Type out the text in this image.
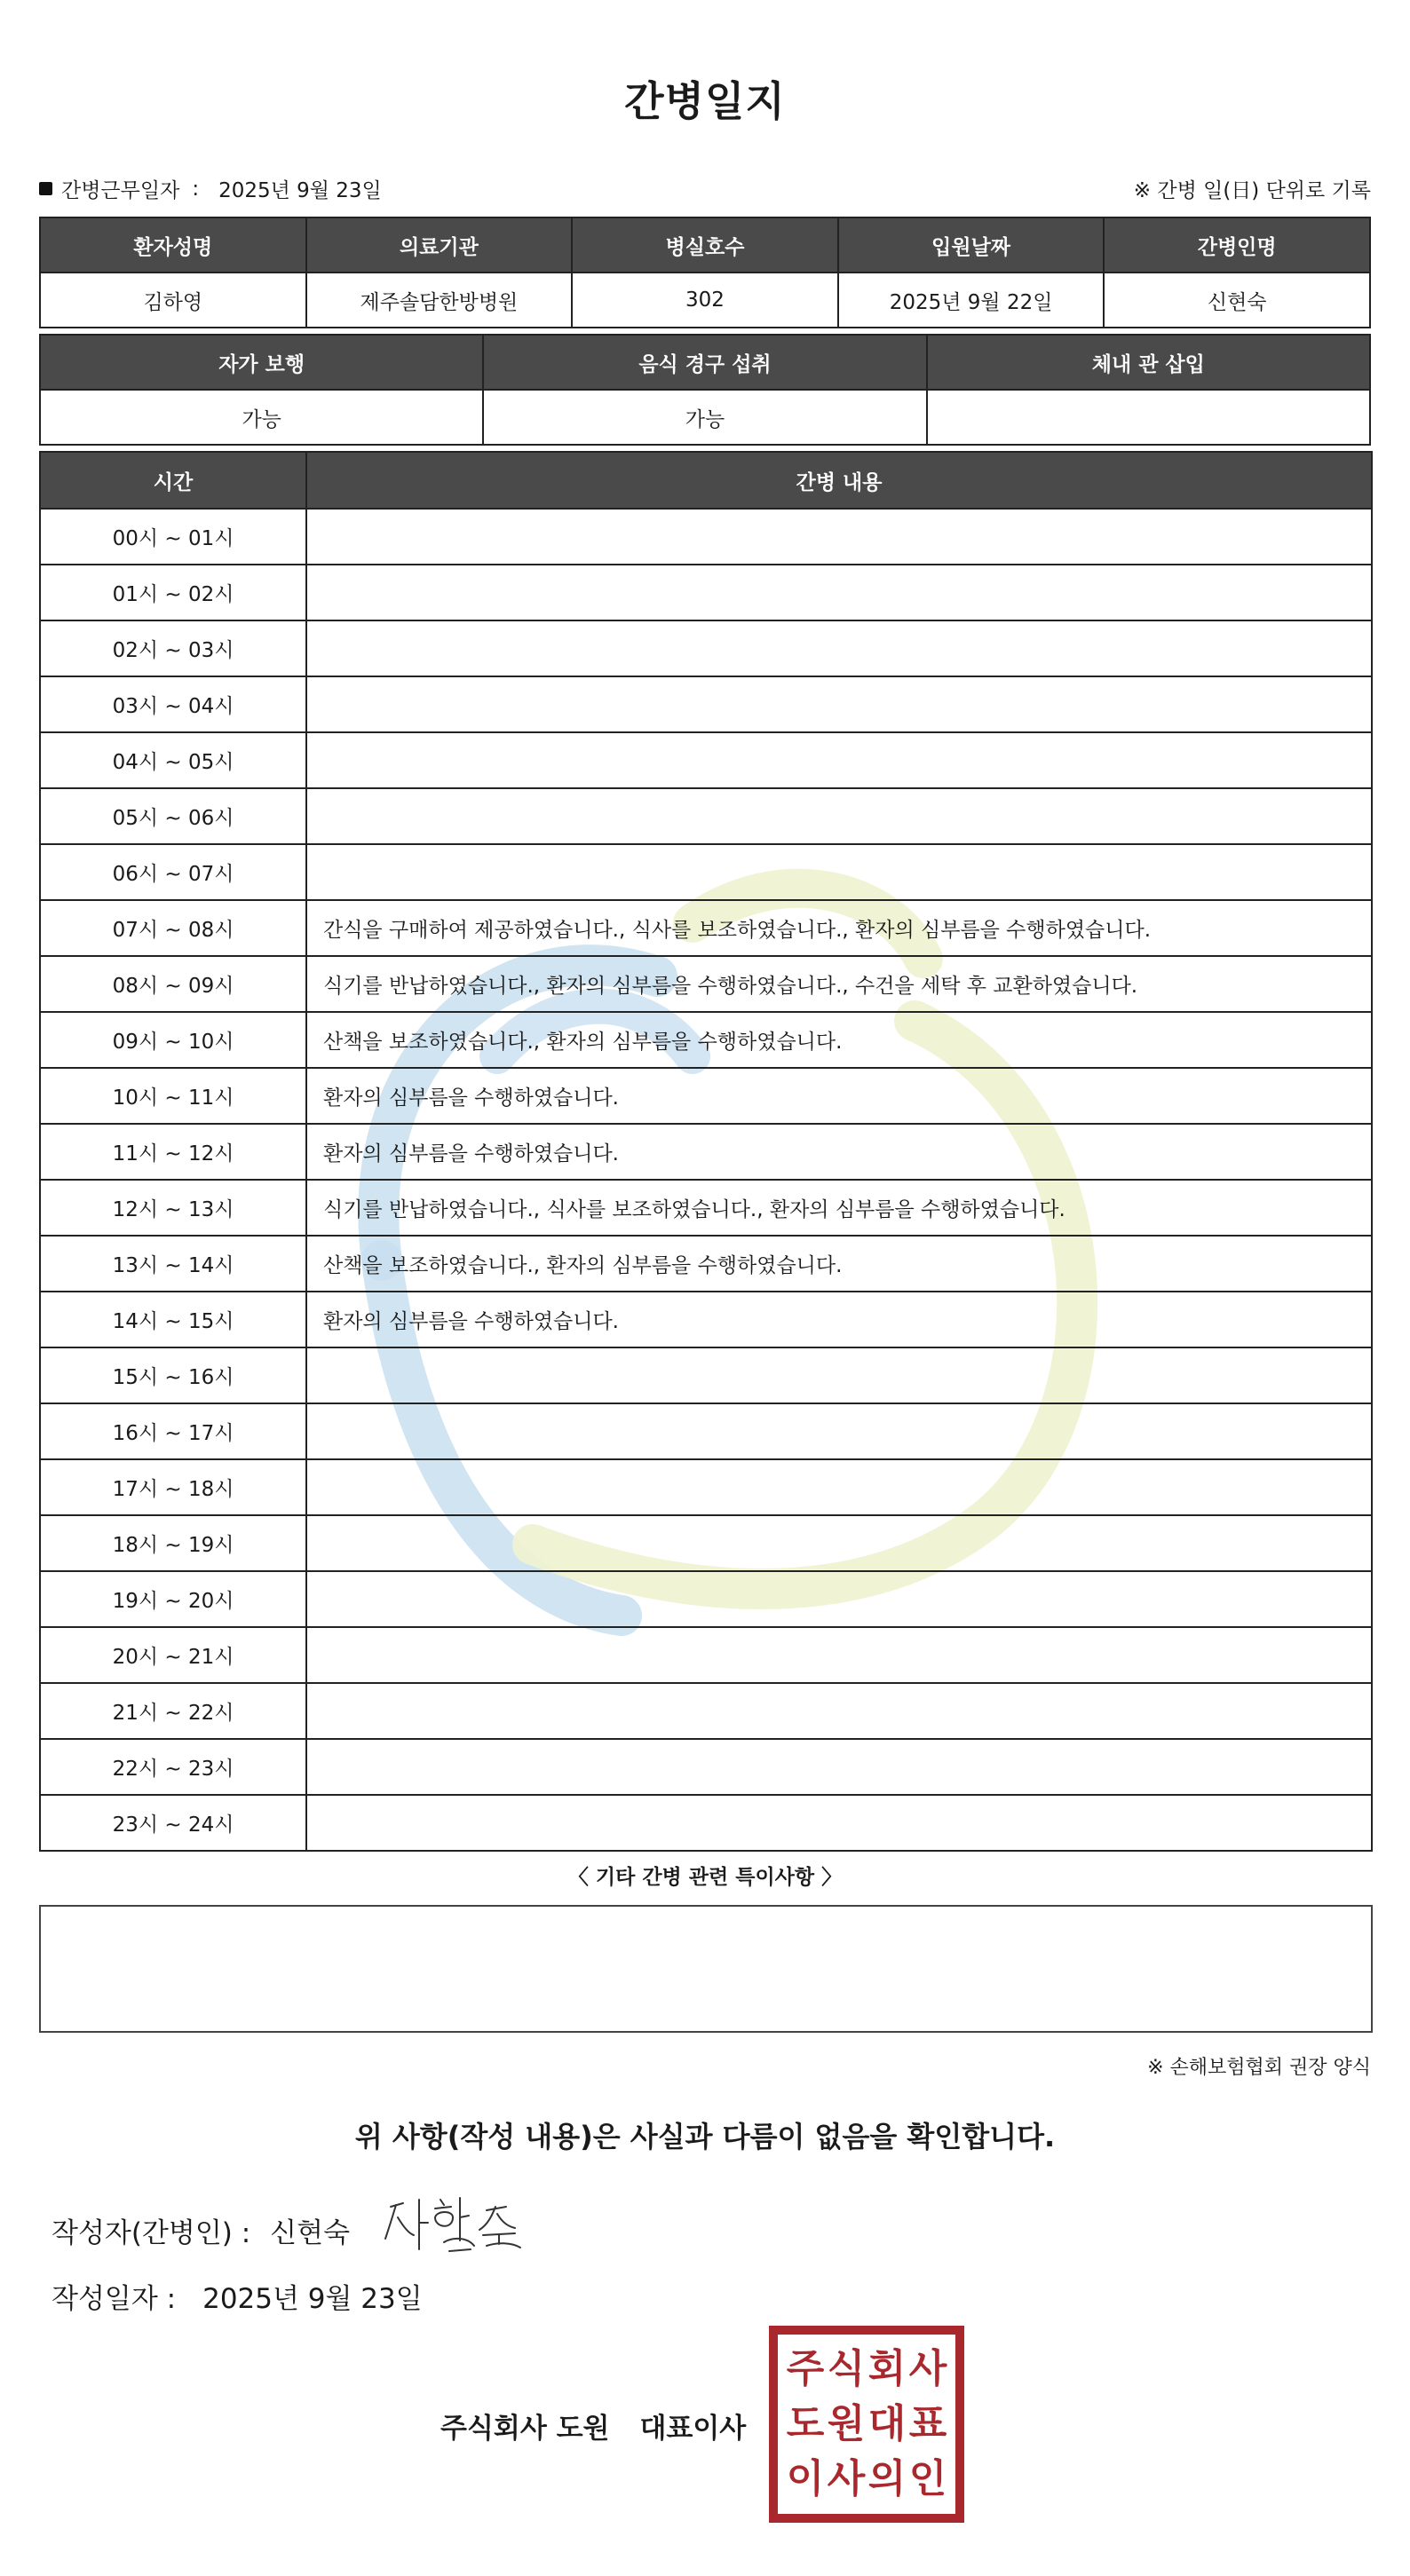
간병일지
간병근무일자 : 2025년 9월 23일	※ 간병 일(日) 단위로 기록
환자성명	의료기관	병실호수	입원날짜	간병인명
김하영	제주솔담한방병원	302	2025년 9월 22일	신현숙
자가 보행	음식 경구 섭취	체내 관 삽입
가능	가능	
시간	간병 내용
00시 ~ 01시	
01시 ~ 02시	
02시 ~ 03시	
03시 ~ 04시	
04시 ~ 05시	
05시 ~ 06시	
06시 ~ 07시	
07시 ~ 08시	간식을 구매하여 제공하였습니다., 식사를 보조하였습니다., 환자의 심부름을 수행하였습니다.
08시 ~ 09시	식기를 반납하였습니다., 환자의 심부름을 수행하였습니다., 수건을 세탁 후 교환하였습니다.
09시 ~ 10시	산책을 보조하였습니다., 환자의 심부름을 수행하였습니다.
10시 ~ 11시	환자의 심부름을 수행하였습니다.
11시 ~ 12시	환자의 심부름을 수행하였습니다.
12시 ~ 13시	식기를 반납하였습니다., 식사를 보조하였습니다., 환자의 심부름을 수행하였습니다.
13시 ~ 14시	산책을 보조하였습니다., 환자의 심부름을 수행하였습니다.
14시 ~ 15시	환자의 심부름을 수행하였습니다.
15시 ~ 16시	
16시 ~ 17시	
17시 ~ 18시	
18시 ~ 19시	
19시 ~ 20시	
20시 ~ 21시	
21시 ~ 22시	
22시 ~ 23시	
23시 ~ 24시	
〈 기타 간병 관련 특이사항 〉
※ 손해보험협회 권장 양식
위 사항(작성 내용)은 사실과 다름이 없음을 확인합니다.
작성자(간병인) : 신현숙
작성일자 : 2025년 9월 23일
주식회사 도원 대표이사
주 식 회 사
도 원 대 표
이 사 의 인
